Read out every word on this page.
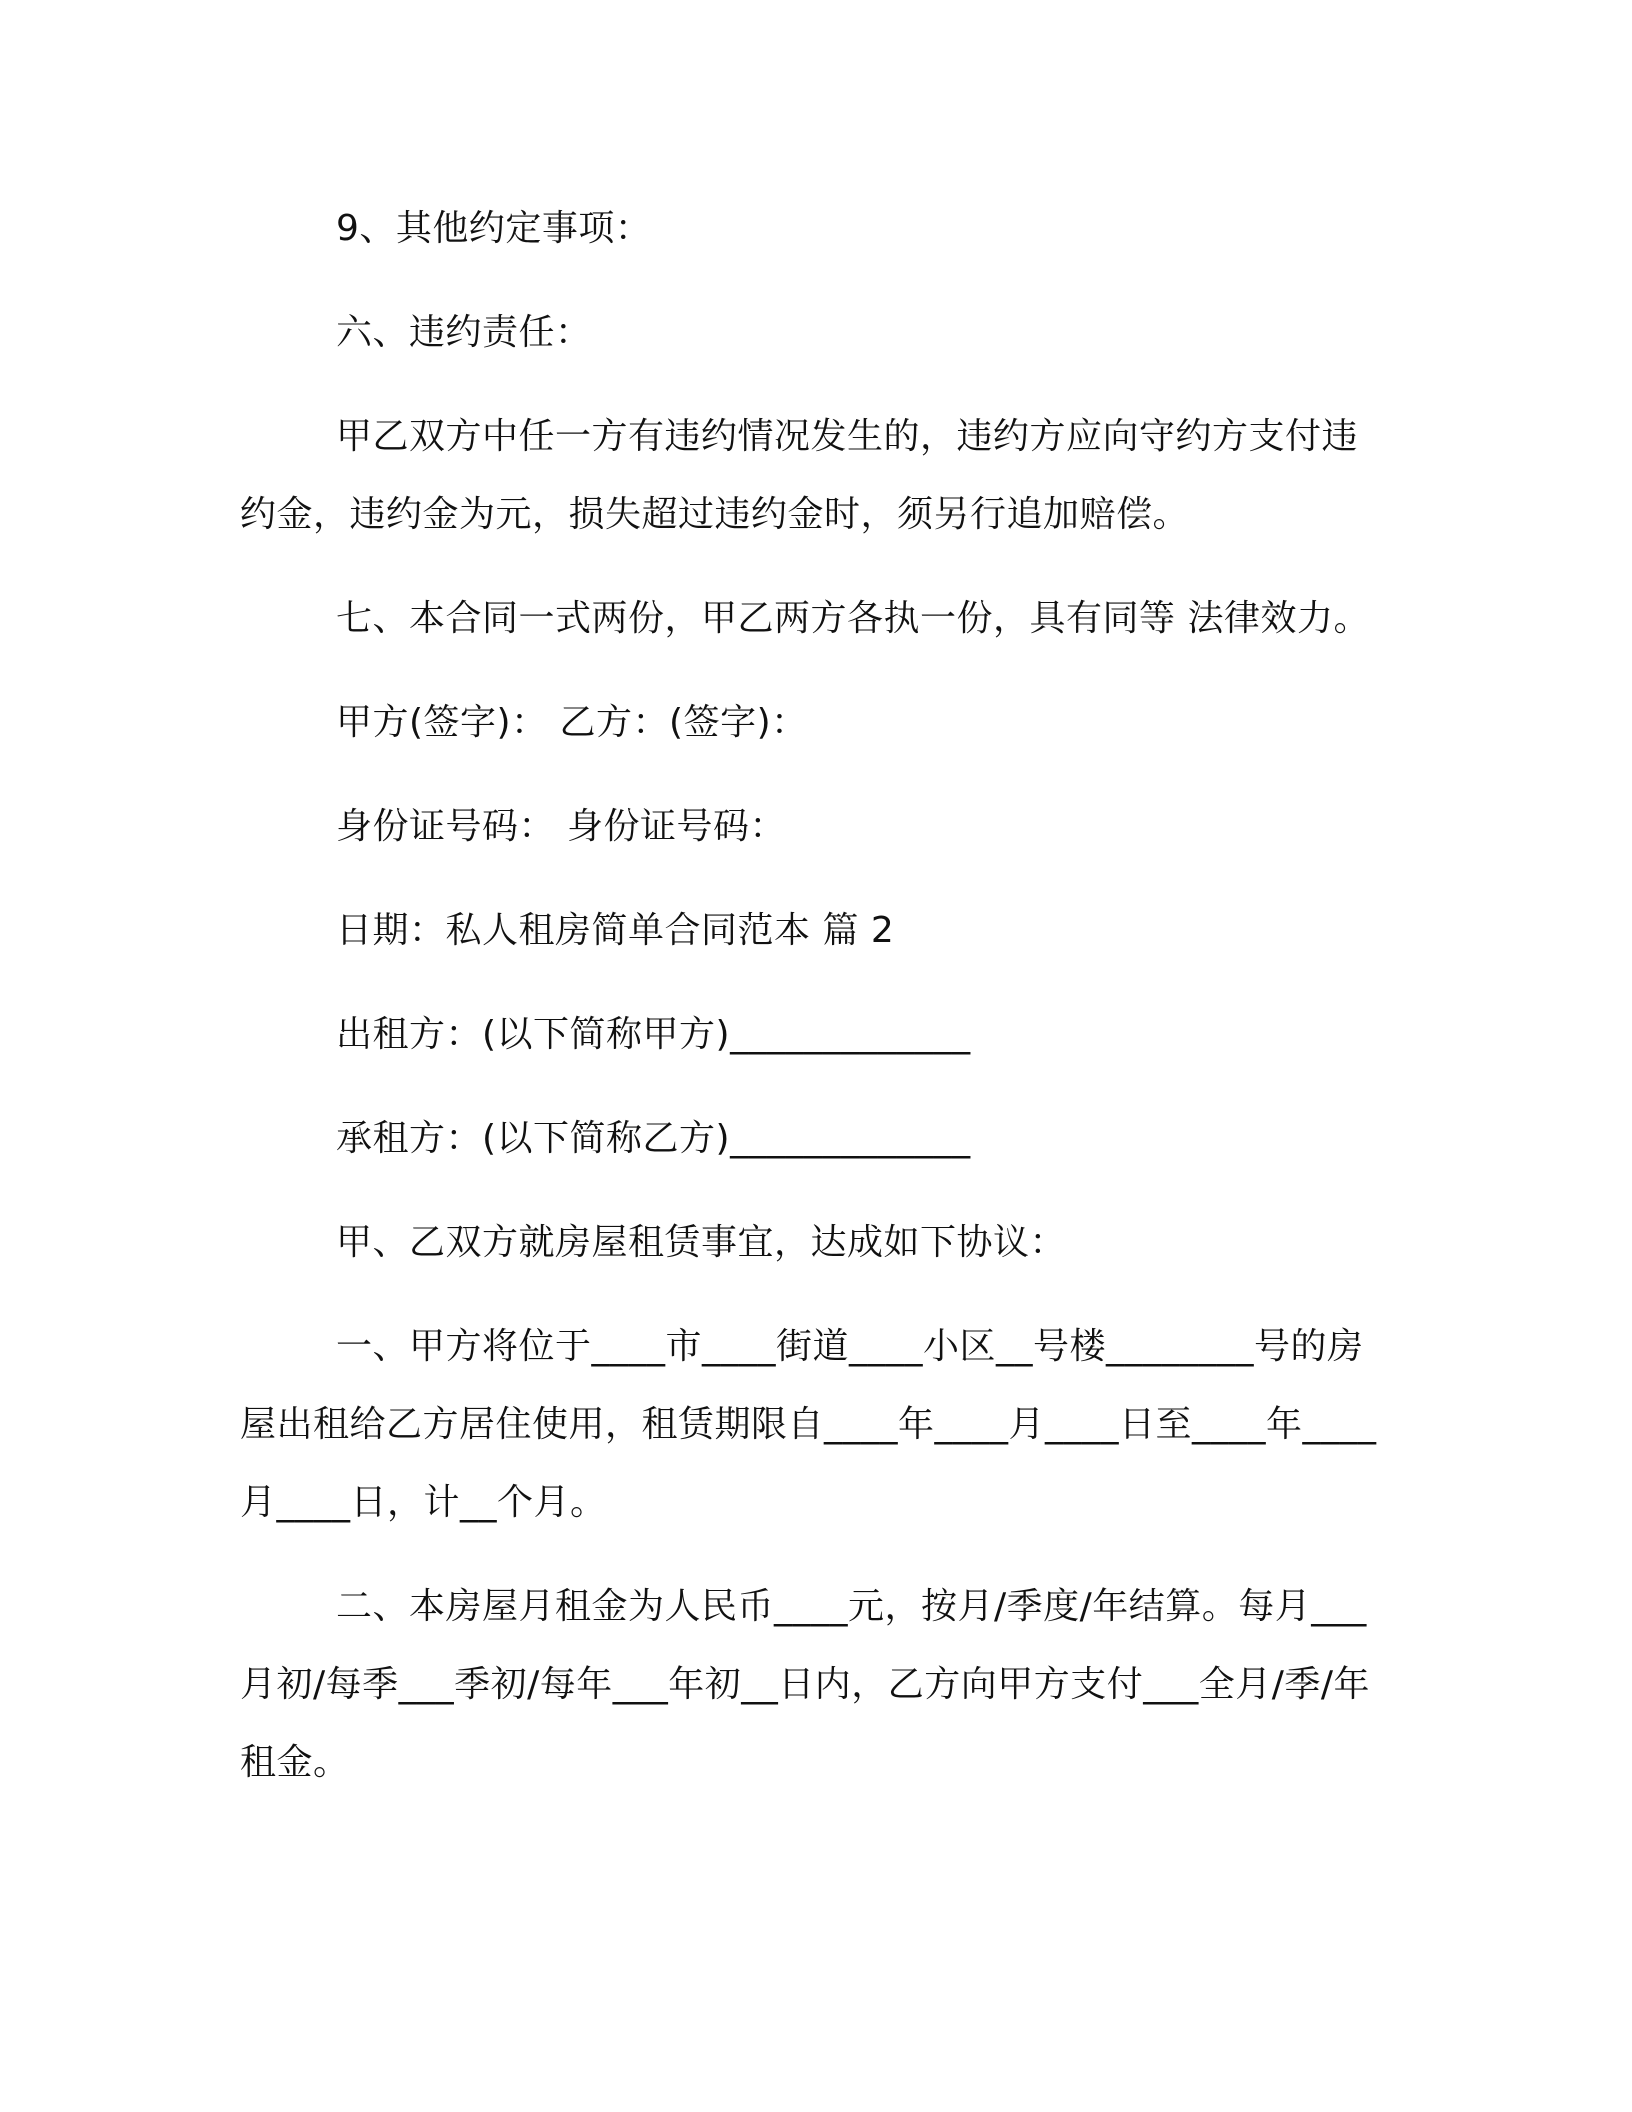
9、其他约定事项：

六、违约责任：

甲乙双方中任一方有违约情况发生的，违约方应向守约方支付违约金，违约金为元，损失超过违约金时，须另行追加赔偿。

七、本合同一式两份，甲乙两方各执一份，具有同等 法律效力。

甲方(签字)： 乙方：(签字)：

身份证号码： 身份证号码：

日期：私人租房简单合同范本 篇 2

出租方：(以下简称甲方)_____________

承租方：(以下简称乙方)_____________

甲、乙双方就房屋租赁事宜，达成如下协议：

一、甲方将位于____市____街道____小区__号楼________号的房屋出租给乙方居住使用，租赁期限自____年____月____日至____年____月____日，计__个月。

二、本房屋月租金为人民币____元，按月/季度/年结算。每月___月初/每季___季初/每年___年初__日内，乙方向甲方支付___全月/季/年租金。
